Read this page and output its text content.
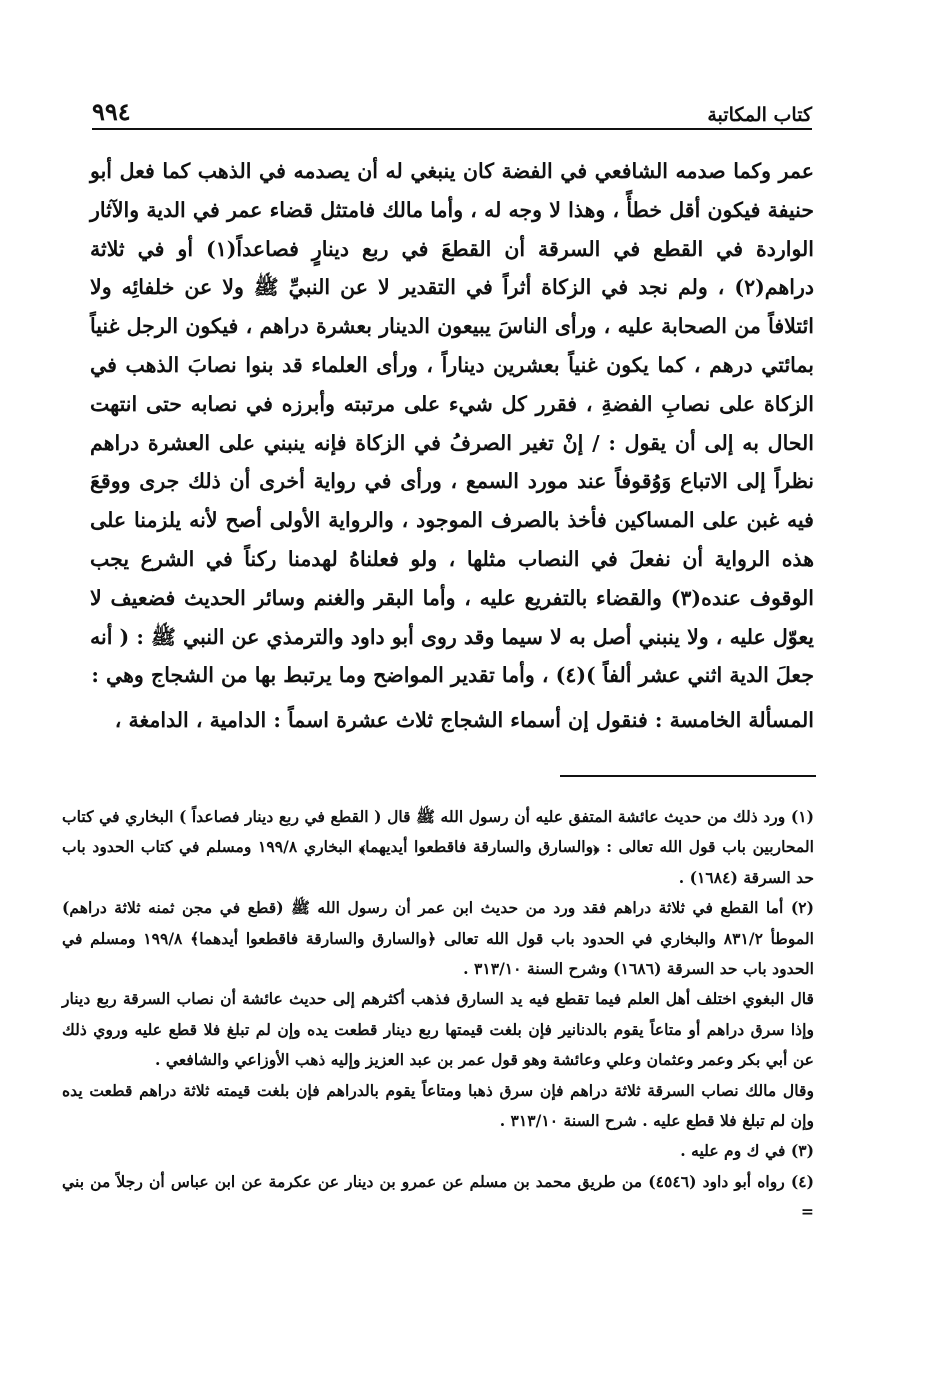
٩٩٤	كتاب المكاتبة

عمر وكما صدمه الشافعي في الفضة كان ينبغي له أن يصدمه في الذهب كما فعل أبو حنيفة فيكون أقل خطأً ، وهذا لا وجه له ، وأما مالك فامتثل قضاء عمر في الدية والآثار الواردة في القطع في السرقة أن القطعَ في ربع دينارٍ فصاعداً(١) أو في ثلاثة دراهم(٢) ، ولم نجد في الزكاة أثراً في التقدير لا عن النبيِّ ﷺ ولا عن خلفائِه ولا ائتلافاً من الصحابة عليه ، ورأى الناسَ يبيعون الدينار بعشرة دراهم ، فيكون الرجل غنياً بمائتي درهم ، كما يكون غنياً بعشرين ديناراً ، ورأى العلماء قد بنوا نصابَ الذهب في الزكاة على نصابِ الفضةِ ، فقرر كل شيء على مرتبته وأبرزه في نصابه حتى انتهت الحال به إلى أن يقول : / إنْ تغير الصرفُ في الزكاة فإنه ينبني على العشرة دراهم نظراً إلى الاتباع وَوُقوفاً عند مورد السمع ، ورأى في رواية أخرى أن ذلك جرى ووقعَ فيه غبن على المساكين فأخذ بالصرف الموجود ، والرواية الأولى أصح لأنه يلزمنا على هذه الرواية أن نفعلَ في النصاب مثلها ، ولو فعلناهُ لهدمنا ركناً في الشرع يجب الوقوف عنده(٣) والقضاء بالتفريع عليه ، وأما البقر والغنم وسائر الحديث فضعيف لا يعوّل عليه ، ولا ينبني أصل به لا سيما وقد روى أبو داود والترمذي عن النبي ﷺ : ( أنه جعلَ الدية اثني عشر ألفاً )(٤) ، وأما تقدير المواضح وما يرتبط بها من الشجاج وهي :

المسألة الخامسة : فنقول إن أسماء الشجاج ثلاث عشرة اسماً : الدامية ، الدامغة ،

(١) ورد ذلك من حديث عائشة المتفق عليه أن رسول الله ﷺ قال ( القطع في ربع دينار فصاعداً ) البخاري في كتاب المحاربين باب قول الله تعالى : ﴿والسارق والسارقة فاقطعوا أيديهما﴾ البخاري ١٩٩/٨ ومسلم في كتاب الحدود باب حد السرقة (١٦٨٤) .

(٢) أما القطع في ثلاثة دراهم فقد ورد من حديث ابن عمر أن رسول الله ﷺ (قطع في مجن ثمنه ثلاثة دراهم) الموطأ ٨٣١/٢ والبخاري في الحدود باب قول الله تعالى ﴿والسارق والسارقة فاقطعوا أيدهما﴾ ١٩٩/٨ ومسلم في الحدود باب حد السرقة (١٦٨٦) وشرح السنة ٣١٣/١٠ .

قال البغوي اختلف أهل العلم فيما تقطع فيه يد السارق فذهب أكثرهم إلى حديث عائشة أن نصاب السرقة ربع دينار وإذا سرق دراهم أو متاعاً يقوم بالدنانير فإن بلغت قيمتها ربع دينار قطعت يده وإن لم تبلغ فلا قطع عليه وروي ذلك عن أبي بكر وعمر وعثمان وعلي وعائشة وهو قول عمر بن عبد العزيز وإليه ذهب الأوزاعي والشافعي .

وقال مالك نصاب السرقة ثلاثة دراهم فإن سرق ذهبا ومتاعاً يقوم بالدراهم فإن بلغت قيمته ثلاثة دراهم قطعت يده وإن لم تبلغ فلا قطع عليه . شرح السنة ٣١٣/١٠ .

(٣) في ك وم عليه .

(٤) رواه أبو داود (٤٥٤٦) من طريق محمد بن مسلم عن عمرو بن دينار عن عكرمة عن ابن عباس أن رجلاً من بني =
